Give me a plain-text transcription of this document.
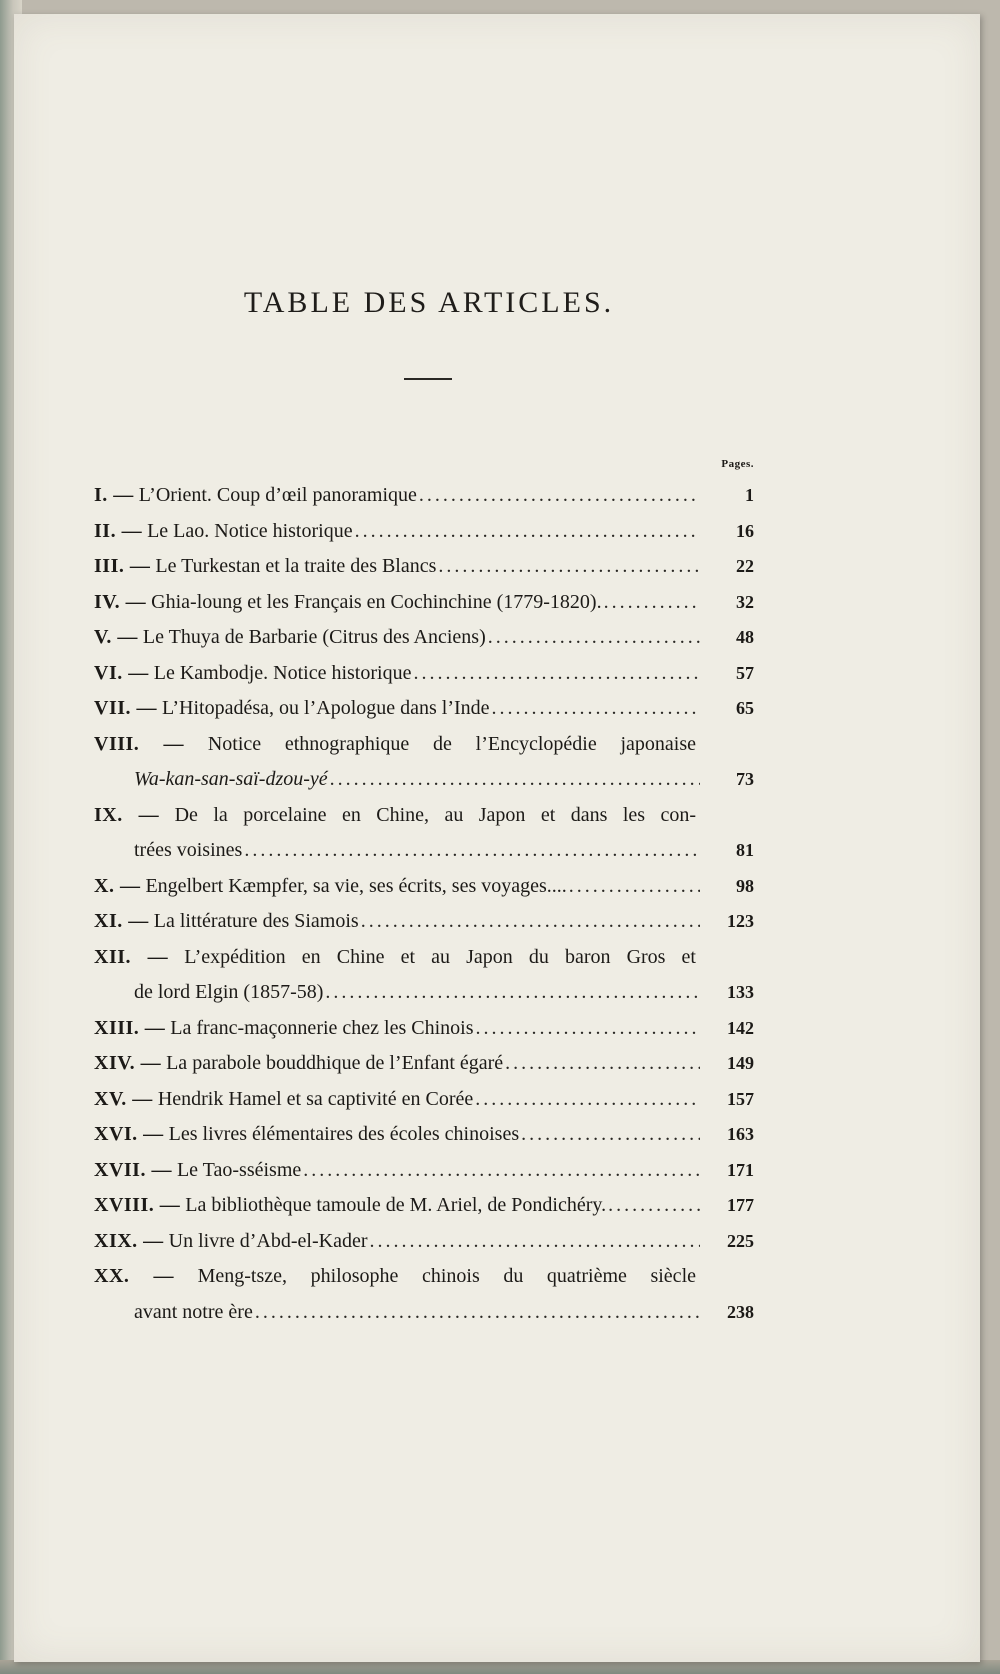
TABLE DES ARTICLES.
Pages.
I. — L’Orient. Coup d’œil panoramique .....	1
II. — Le Lao. Notice historique .....	16
III. — Le Turkestan et la traite des Blancs .....	22
IV. — Ghia-loung et les Français en Cochinchine (1779-1820). .....	32
V. — Le Thuya de Barbarie (Citrus des Anciens) .....	48
VI. — Le Kambodje. Notice historique .....	57
VII. — L’Hitopadésa, ou l’Apologue dans l’Inde .....	65
VIII. — Notice ethnographique de l’Encyclopédie japonaise
Wa-kan-san-saï-dzou-yé .....	73
IX. — De la porcelaine en Chine, au Japon et dans les con-
trées voisines .....	81
X. — Engelbert Kæmpfer, sa vie, ses écrits, ses voyages.... .....	98
XI. — La littérature des Siamois .....	123
XII. — L’expédition en Chine et au Japon du baron Gros et
de lord Elgin (1857-58) .....	133
XIII. — La franc-maçonnerie chez les Chinois .....	142
XIV. — La parabole bouddhique de l’Enfant égaré .....	149
XV. — Hendrik Hamel et sa captivité en Corée .....	157
XVI. — Les livres élémentaires des écoles chinoises .....	163
XVII. — Le Tao-sséisme .....	171
XVIII. — La bibliothèque tamoule de M. Ariel, de Pondichéry. .....	177
XIX. — Un livre d’Abd-el-Kader .....	225
XX. — Meng-tsze, philosophe chinois du quatrième siècle
avant notre ère .....	238
